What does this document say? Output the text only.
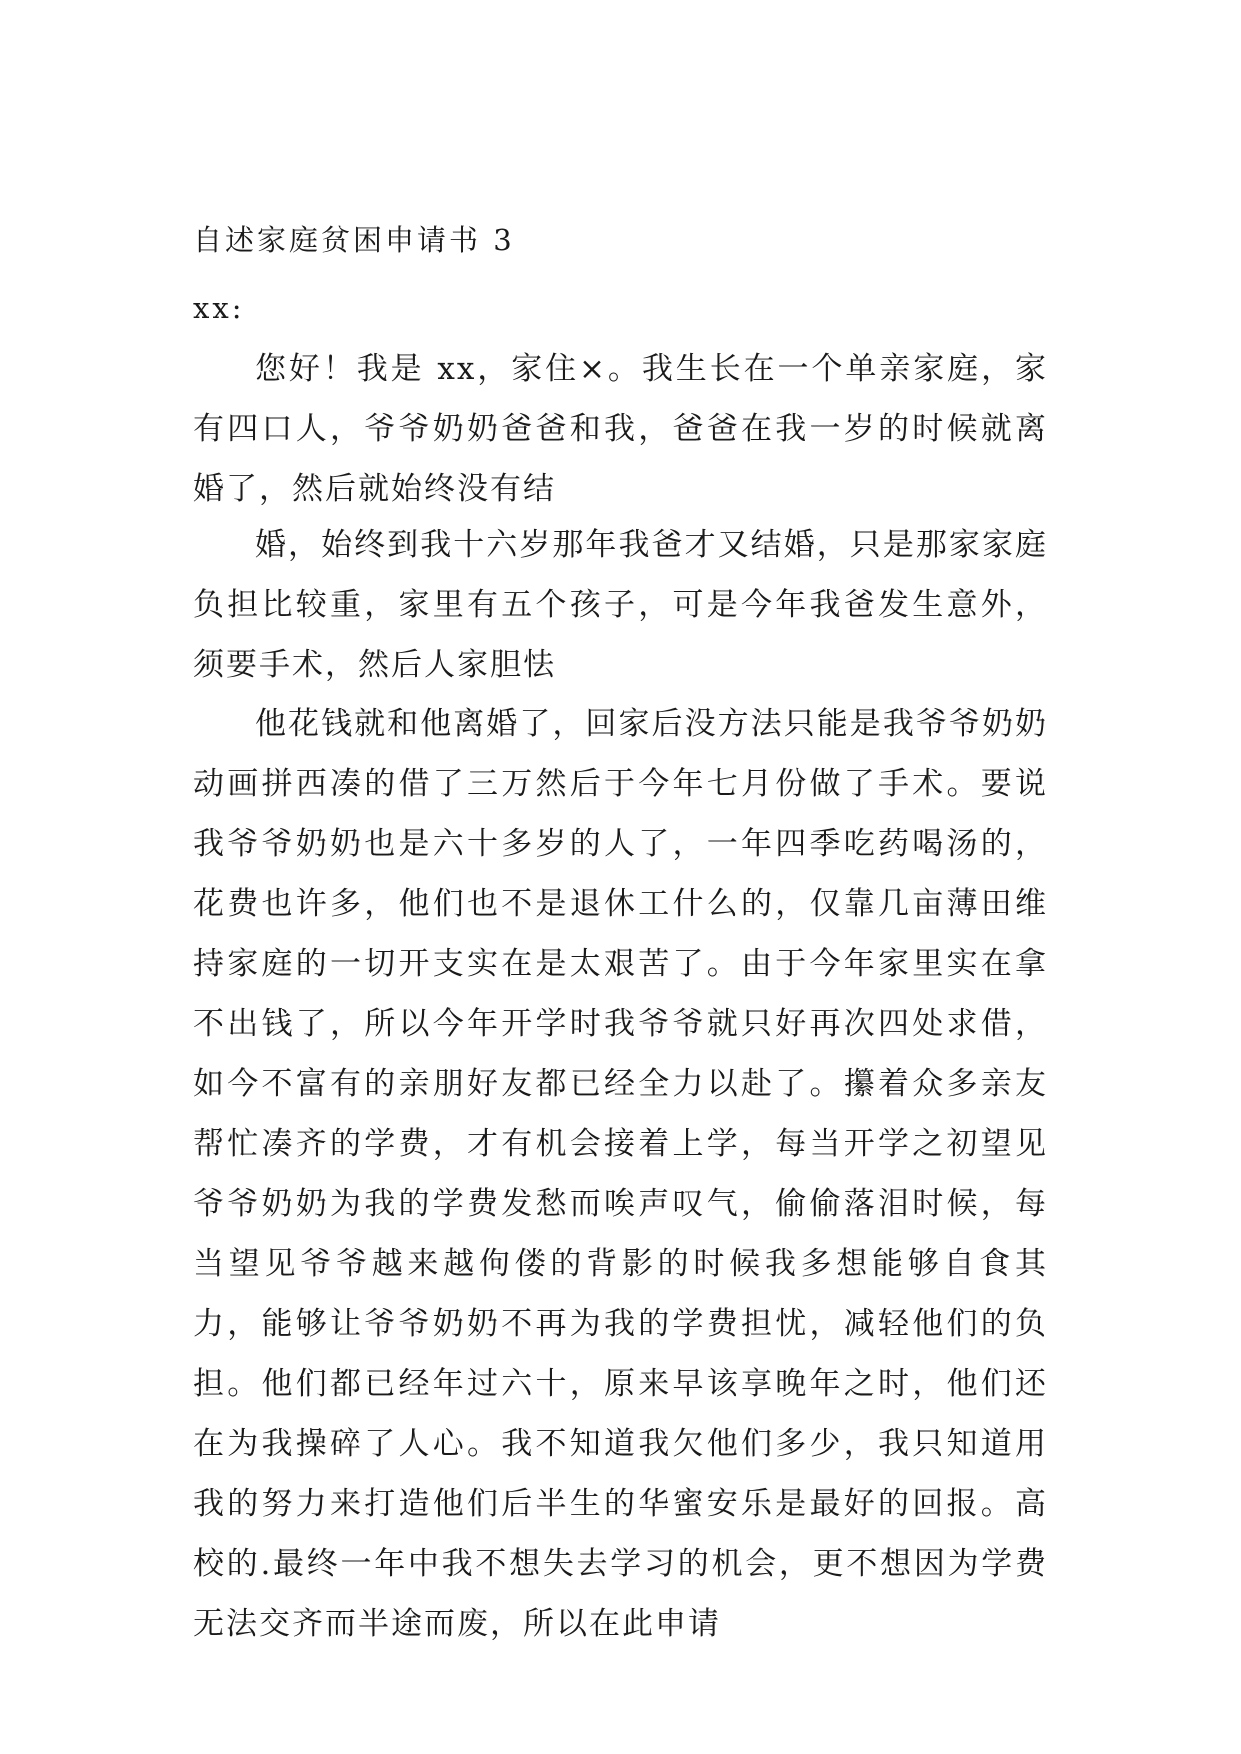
自述家庭贫困申请书 3
xx:

您好！我是 xx，家住×。我生长在一个单亲家庭，家有四口人，爷爷奶奶爸爸和我，爸爸在我一岁的时候就离婚了，然后就始终没有结

婚，始终到我十六岁那年我爸才又结婚，只是那家家庭负担比较重，家里有五个孩子，可是今年我爸发生意外，须要手术，然后人家胆怯

他花钱就和他离婚了，回家后没方法只能是我爷爷奶奶动画拼西凑的借了三万然后于今年七月份做了手术。要说我爷爷奶奶也是六十多岁的人了，一年四季吃药喝汤的，花费也许多，他们也不是退休工什么的，仅靠几亩薄田维持家庭的一切开支实在是太艰苦了。由于今年家里实在拿不出钱了，所以今年开学时我爷爷就只好再次四处求借，如今不富有的亲朋好友都已经全力以赴了。攥着众多亲友帮忙凑齐的学费，才有机会接着上学，每当开学之初望见爷爷奶奶为我的学费发愁而唉声叹气，偷偷落泪时候，每当望见爷爷越来越佝偻的背影的时候我多想能够自食其力，能够让爷爷奶奶不再为我的学费担忧，减轻他们的负担。他们都已经年过六十，原来早该享晚年之时，他们还在为我操碎了人心。我不知道我欠他们多少，我只知道用我的努力来打造他们后半生的华蜜安乐是最好的回报。高校的.最终一年中我不想失去学习的机会，更不想因为学费无法交齐而半途而废，所以在此申请
